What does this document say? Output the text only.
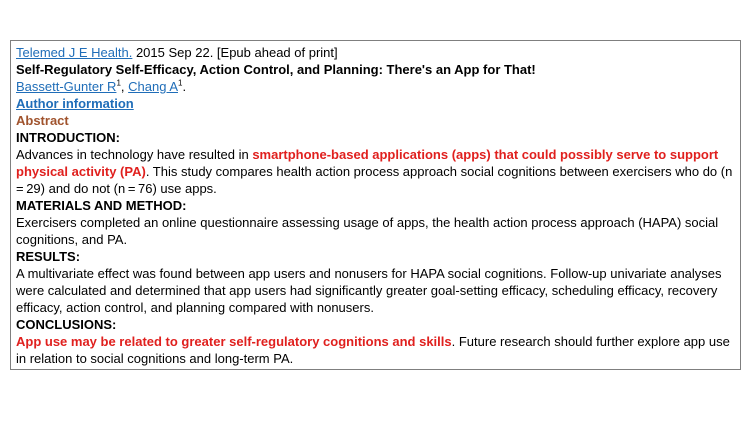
Telemed J E Health. 2015 Sep 22. [Epub ahead of print]
Self-Regulatory Self-Efficacy, Action Control, and Planning: There's an App for That!
Bassett-Gunter $R^1$, Chang $A^1$.
Author information
Abstract
INTRODUCTION:
Advances in technology have resulted in smartphone-based applications (apps) that could possibly serve to support physical activity (PA). This study compares health action process approach social cognitions between exercisers who do (n = 29) and do not (n = 76) use apps.
MATERIALS AND METHOD:
Exercisers completed an online questionnaire assessing usage of apps, the health action process approach (HAPA) social cognitions, and PA.
RESULTS:
A multivariate effect was found between app users and nonusers for HAPA social cognitions. Follow-up univariate analyses were calculated and determined that app users had significantly greater goal-setting efficacy, scheduling efficacy, recovery efficacy, action control, and planning compared with nonusers.
CONCLUSIONS:
App use may be related to greater self-regulatory cognitions and skills. Future research should further explore app use in relation to social cognitions and long-term PA.
